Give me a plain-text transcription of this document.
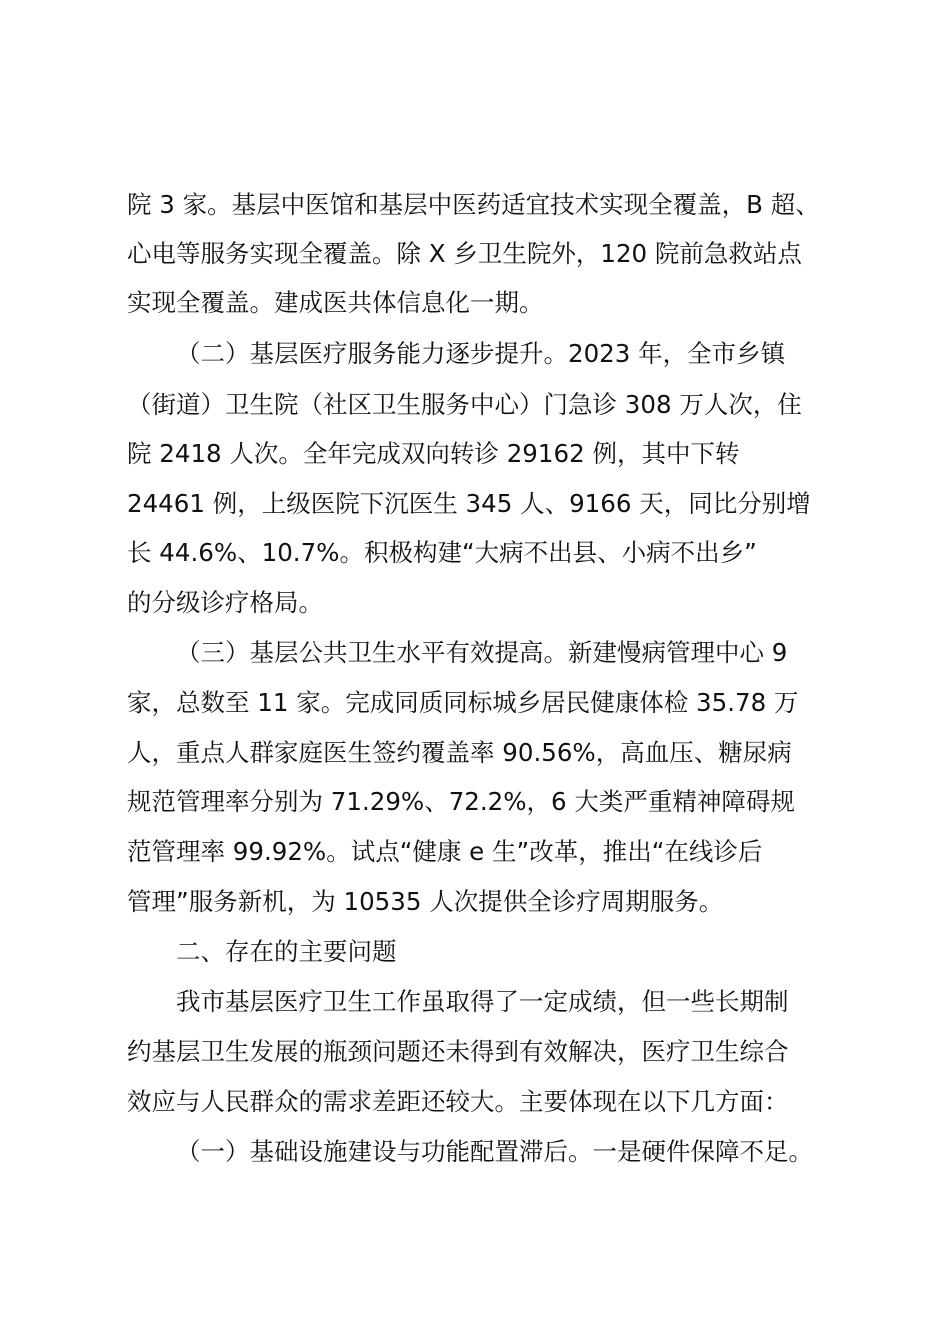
院 3 家。基层中医馆和基层中医药适宜技术实现全覆盖，B 超、
心电等服务实现全覆盖。除 X 乡卫生院外，120 院前急救站点
实现全覆盖。建成医共体信息化一期。
（二）基层医疗服务能力逐步提升。2023 年，全市乡镇
（街道）卫生院（社区卫生服务中心）门急诊 308 万人次，住
院 2418 人次。全年完成双向转诊 29162 例，其中下转
24461 例，上级医院下沉医生 345 人、9166 天，同比分别增
长 44.6%、10.7%。积极构建“大病不出县、小病不出乡”
的分级诊疗格局。
（三）基层公共卫生水平有效提高。新建慢病管理中心 9
家，总数至 11 家。完成同质同标城乡居民健康体检 35.78 万
人，重点人群家庭医生签约覆盖率 90.56%，高血压、糖尿病
规范管理率分别为 71.29%、72.2%，6 大类严重精神障碍规
范管理率 99.92%。试点“健康 e 生”改革，推出“在线诊后
管理”服务新机，为 10535 人次提供全诊疗周期服务。
二、存在的主要问题
我市基层医疗卫生工作虽取得了一定成绩，但一些长期制
约基层卫生发展的瓶颈问题还未得到有效解决，医疗卫生综合
效应与人民群众的需求差距还较大。主要体现在以下几方面：
（一）基础设施建设与功能配置滞后。一是硬件保障不足。
